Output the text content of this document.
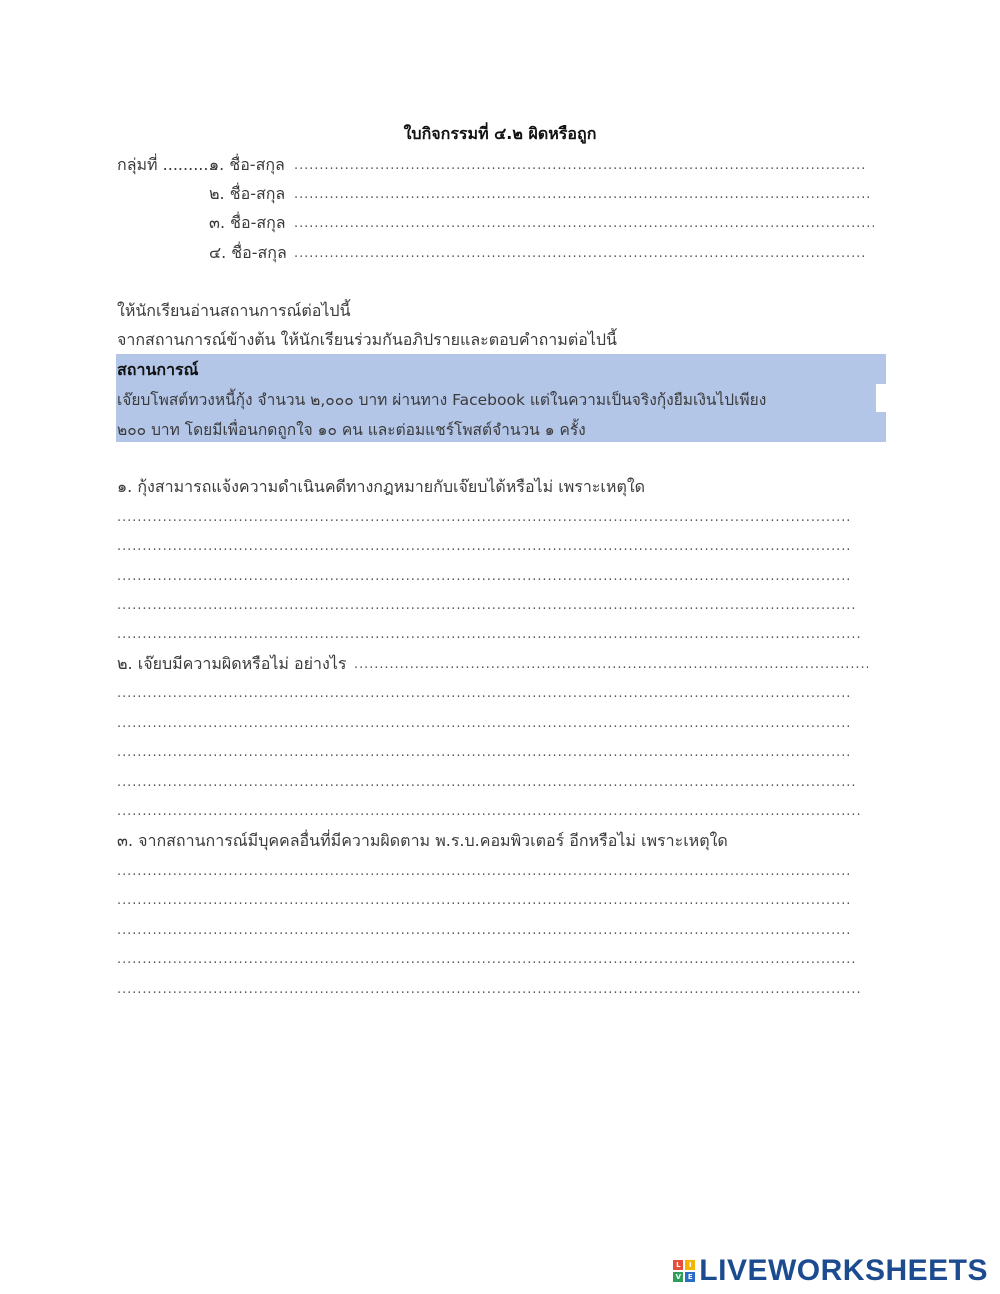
ใบกิจกรรมที่ ๔.๒ ผิดหรือถูก
กลุ่มที่ ...........
๑. ชื่อ-สกุล
. . .
๒. ชื่อ-สกุล
. . .
๓. ชื่อ-สกุล
. . .
๔. ชื่อ-สกุล
. . .
ให้นักเรียนอ่านสถานการณ์ต่อไปนี้
จากสถานการณ์ข้างต้น ให้นักเรียนร่วมกันอภิปรายและตอบคำถามต่อไปนี้
สถานการณ์
เจ๊ยบโพสต์ทวงหนี้กุ้ง จำนวน ๒,๐๐๐ บาท ผ่านทาง Facebook แต่ในความเป็นจริงกุ้งยืมเงินไปเพียง
๒๐๐ บาท โดยมีเพื่อนกดถูกใจ ๑๐ คน และต่อมแชร์โพสต์จำนวน ๑ ครั้ง
๑. กุ้งสามารถแจ้งความดำเนินคดีทางกฎหมายกับเจ๊ยบได้หรือไม่ เพราะเหตุใด
. . .
. . .
. . .
. . .
. . .
๒. เจ๊ยบมีความผิดหรือไม่ อย่างไร
. . .
. . .
. . .
. . .
. . .
. . .
๓. จากสถานการณ์มีบุคคลอื่นที่มีความผิดตาม พ.ร.บ.คอมพิวเตอร์ อีกหรือไม่ เพราะเหตุใด
. . .
. . .
. . .
. . .
. . .
L	I
V E LIVEWORKSHEETS
